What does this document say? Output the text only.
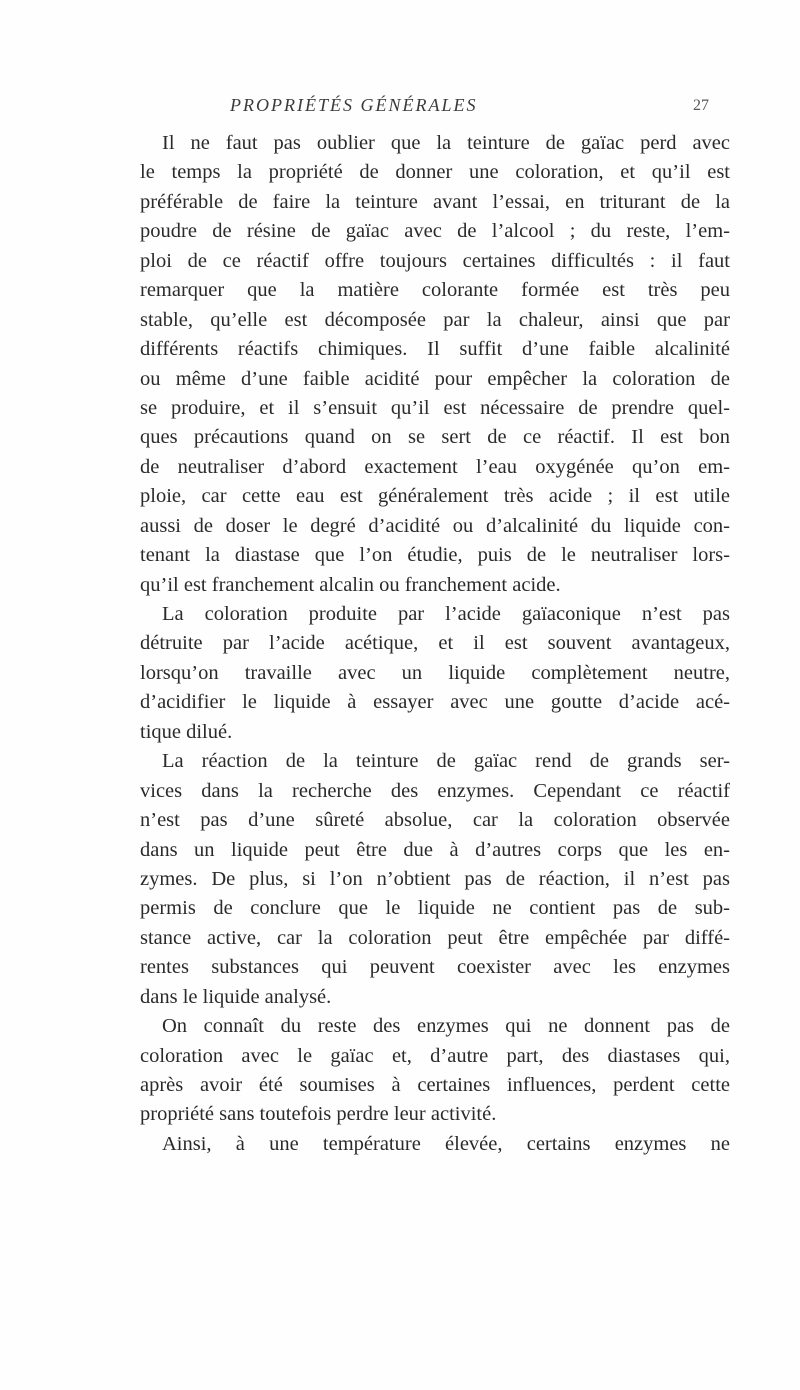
PROPRIÉTÉS GÉNÉRALES	27
Il ne faut pas oublier que la teinture de gaïac perd avec
le temps la propriété de donner une coloration, et qu’il est
préférable de faire la teinture avant l’essai, en triturant de la
poudre de résine de gaïac avec de l’alcool ; du reste, l’em-
ploi de ce réactif offre toujours certaines difficultés : il faut
remarquer que la matière colorante formée est très peu
stable, qu’elle est décomposée par la chaleur, ainsi que par
différents réactifs chimiques. Il suffit d’une faible alcalinité
ou même d’une faible acidité pour empêcher la coloration de
se produire, et il s’ensuit qu’il est nécessaire de prendre quel-
ques précautions quand on se sert de ce réactif. Il est bon
de neutraliser d’abord exactement l’eau oxygénée qu’on em-
ploie, car cette eau est généralement très acide ; il est utile
aussi de doser le degré d’acidité ou d’alcalinité du liquide con-
tenant la diastase que l’on étudie, puis de le neutraliser lors-
qu’il est franchement alcalin ou franchement acide.
La coloration produite par l’acide gaïaconique n’est pas
détruite par l’acide acétique, et il est souvent avantageux,
lorsqu’on travaille avec un liquide complètement neutre,
d’acidifier le liquide à essayer avec une goutte d’acide acé-
tique dilué.
La réaction de la teinture de gaïac rend de grands ser-
vices dans la recherche des enzymes. Cependant ce réactif
n’est pas d’une sûreté absolue, car la coloration observée
dans un liquide peut être due à d’autres corps que les en-
zymes. De plus, si l’on n’obtient pas de réaction, il n’est pas
permis de conclure que le liquide ne contient pas de sub-
stance active, car la coloration peut être empêchée par diffé-
rentes substances qui peuvent coexister avec les enzymes
dans le liquide analysé.
On connaît du reste des enzymes qui ne donnent pas de
coloration avec le gaïac et, d’autre part, des diastases qui,
après avoir été soumises à certaines influences, perdent cette
propriété sans toutefois perdre leur activité.
Ainsi, à une température élevée, certains enzymes ne
